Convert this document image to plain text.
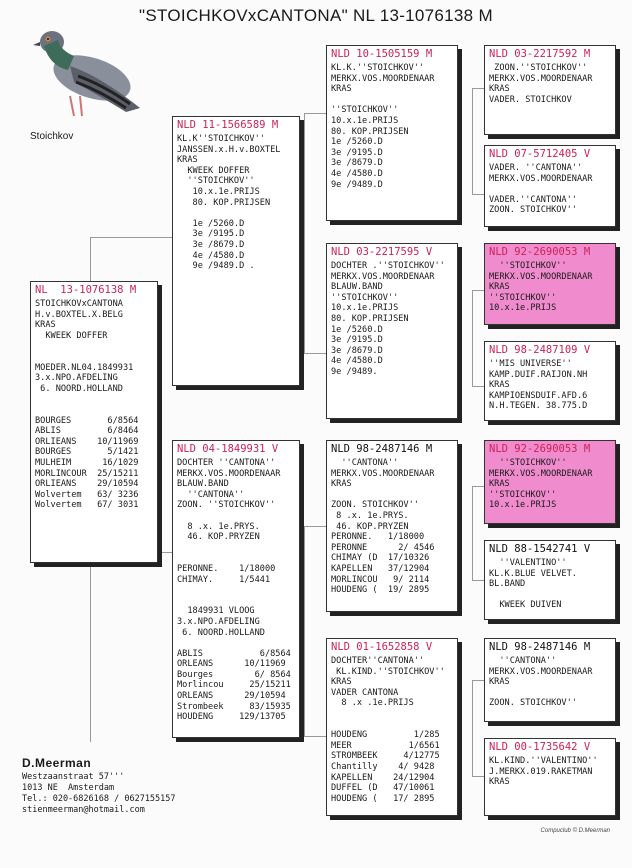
"STOICHKOVxCANTONA" NL 13-1076138 M
Stoichkov
NL  13-1076138 M
STOICHKOVxCANTONA
H.v.BOXTEL.X.BELG
KRAS
KWEEK DOFFER

MOEDER.NL04.1849931
3.x.NPO.AFDELING
6. NOORD.HOLLAND

BOURGES       6/8564
ABLIS         6/8464
ORLIEANS    10/11969
BOURGES       5/1421
MULHEIM      16/1029
MORLINCOUR  25/15211
ORLIEANS    29/10594
Wolvertem   63/ 3236
Wolvertem   67/ 3031
NLD 11-1566589 M
KL.K''STOICHKOV''
JANSSEN.x.H.v.BOXTEL
KRAS
KWEEK DOFFER
''STOICHKOV''
10.x.1e.PRIJS
80. KOP.PRIJSEN

1e /5260.D
3e /9195.D
3e /8679.D
4e /4580.D
9e /9489.D .
NLD 04-1849931 V
DOCHTER ''CANTONA''
MERKX.VOS.MOORDENAAR
BLAUW.BAND
''CANTONA''
ZOON. ''STOICHKOV''

8 .x. 1e.PRYS.
46. KOP.PRYZEN

PERONNE.    1/18000
CHIMAY.     1/5441

1849931 VLOOG
3.x.NPO.AFDELING
6. NOORD.HOLLAND

ABLIS           6/8564
ORLEANS      10/11969
Bourges        6/ 8564
Morlincou     25/15211
ORLEANS      29/10594
Strombeek     83/15935
HOUDENG     129/13705
NLD 10-1505159 M
KL.K.''STOICHKOV''
MERKX.VOS.MOORDENAAR
KRAS

''STOICHKOV''
10.x.1e.PRIJS
80. KOP.PRIJSEN
1e /5260.D
3e /9195.D
3e /8679.D
4e /4580.D
9e /9489.D
NLD 03-2217595 V
DOCHTER .''STOICHKOV''
MERKX.VOS.MOORDENAAR
BLAUW.BAND
''STOICHKOV''
10.x.1e.PRIJS
80. KOP.PRIJSEN
1e /5260.D
3e /9195.D
3e /8679.D
4e /4580.D
9e /9489.
NLD 98-2487146 M
''CANTONA''
MERKX.VOS.MOORDENAAR
KRAS

ZOON. STOICHKOV''
8 .x. 1e.PRYS.
46. KOP.PRYZEN
PERONNE.   1/18000
PERONNE      2/ 4546
CHIMAY (D  17/10326
KAPELLEN   37/12904
MORLINCOU   9/ 2114
HOUDENG (  19/ 2895
NLD 01-1652858 V
DOCHTER''CANTONA''
KL.KIND.''STOICHKOV''
KRAS
VADER CANTONA
8 .x .1e.PRIJS

HOUDENG         1/285
MEER           1/6561
STROMBEEK     4/12775
Chantilly    4/ 9428
KAPELLEN    24/12904
DUFFEL (D   47/10061
HOUDENG (   17/ 2895
NLD 03-2217592 M
ZOON.''STOICHKOV''
MERKX.VOS.MOORDENAAR
KRAS
VADER. STOICHKOV
NLD 07-5712405 V
VADER. ''CANTONA''
MERKX.VOS.MOORDENAAR

VADER.''CANTONA''
ZOON. STOICHKOV''
NLD 92-2690053 M
''STOICHKOV''
MERKX.VOS.MOORDENAAR
KRAS
''STOICHKOV''
10.x.1e.PRIJS
NLD 98-2487109 V
''MIS UNIVERSE''
KAMP.DUIF.RAIJON.NH
KRAS
KAMPIOENSDUIF.AFD.6
N.H.TEGEN. 38.775.D
NLD 92-2690053 M
''STOICHKOV''
MERKX.VOS.MOORDENAAR
KRAS
''STOICHKOV''
10.x.1e.PRIJS
NLD 88-1542741 V
''VALENTINO''
KL.K.BLUE VELVET.
BL.BAND

KWEEK DUIVEN
NLD 98-2487146 M
''CANTONA''
MERKX.VOS.MOORDENAAR
KRAS

ZOON. STOICHKOV''
NLD 00-1735642 V
KL.KIND.''VALENTINO''
J.MERKX.019.RAKETMAN
KRAS
D.Meerman
Westzaanstraat 57'''
1013 NE  Amsterdam
Tel.: 020-6826168 / 0627155157
stienmeerman@hotmail.com
Compuclub © D.Meerman
